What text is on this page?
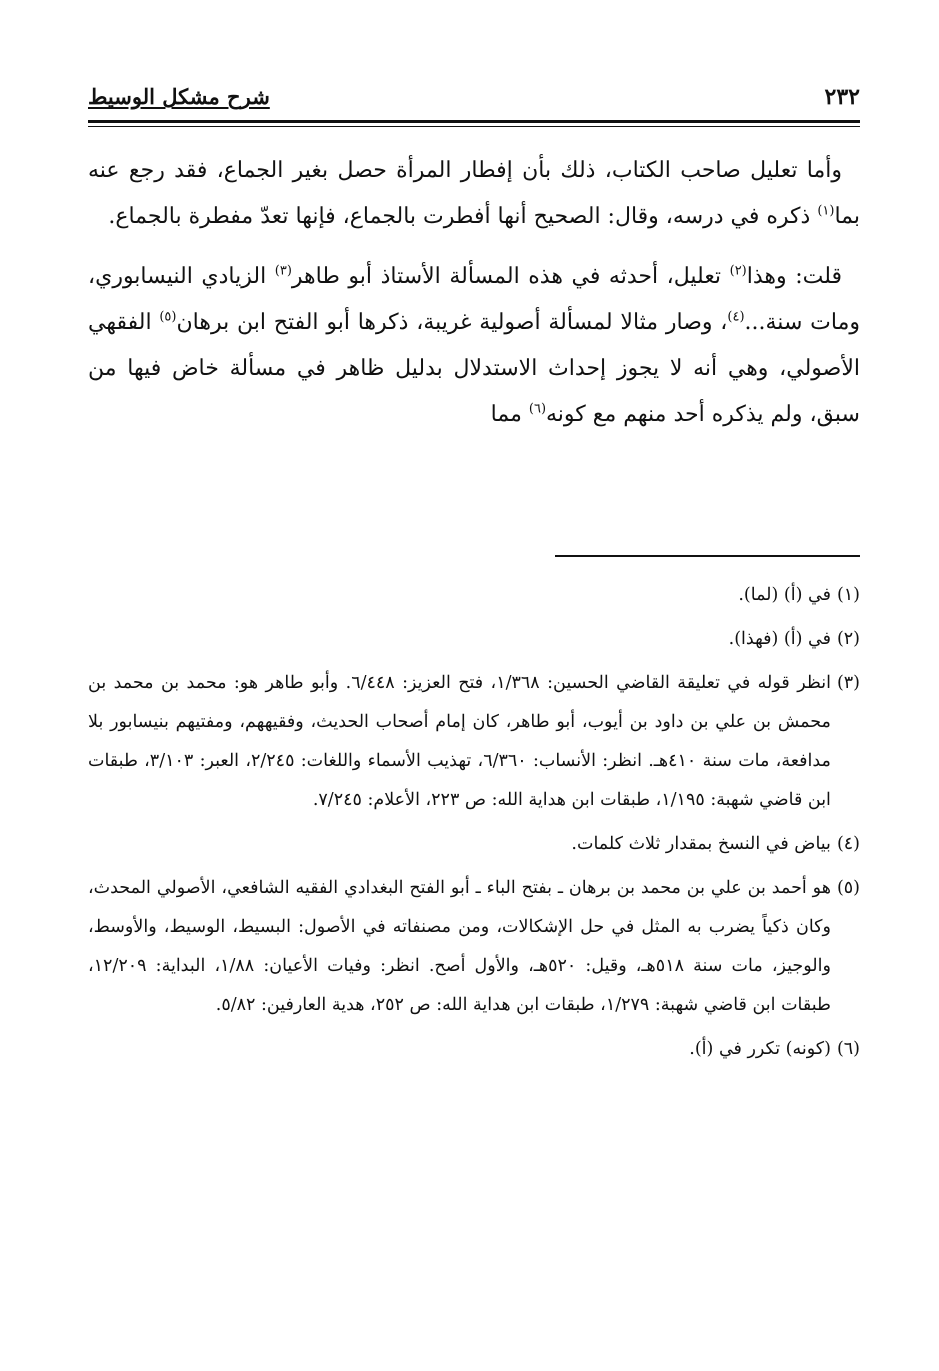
٢٣٢
شرح مشكل الوسيط

وأما تعليل صاحب الكتاب، ذلك بأن إفطار المرأة حصل بغير الجماع، فقد رجع عنه بما$^{(١)}$ ذكره في درسه، وقال: الصحيح أنها أفطرت بالجماع، فإنها تعدّ مفطرة بالجماع.

قلت: وهذا$^{(٢)}$ تعليل، أحدثه في هذه المسألة الأستاذ أبو طاهر$^{(٣)}$ الزيادي النيسابوري، ومات سنة...$^{(٤)}$، وصار مثالا لمسألة أصولية غريبة، ذكرها أبو الفتح ابن برهان$^{(٥)}$ الفقهي الأصولي، وهي أنه لا يجوز إحداث الاستدلال بدليل ظاهر في مسألة خاض فيها من سبق، ولم يذكره أحد منهم مع كونه$^{(٦)}$ مما

(١)
في (أ) (لما).
(٢)
في (أ) (فهذا).
(٣)
انظر قوله في تعليقة القاضي الحسين: ١/٣٦٨، فتح العزيز: ٦/٤٤٨. وأبو طاهر هو: محمد بن محمد بن محمش بن علي بن داود بن أيوب، أبو طاهر، كان إمام أصحاب الحديث، وفقيههم، ومفتيهم بنيسابور بلا مدافعة، مات سنة ٤١٠هـ. انظر: الأنساب: ٦/٣٦٠، تهذيب الأسماء واللغات: ٢/٢٤٥، العبر: ٣/١٠٣، طبقات ابن قاضي شهبة: ١/١٩٥، طبقات ابن هداية الله: ص ٢٢٣، الأعلام: ٧/٢٤٥.
(٤)
بياض في النسخ بمقدار ثلاث كلمات.
(٥)
هو أحمد بن علي بن محمد بن برهان ـ بفتح الباء ـ أبو الفتح البغدادي الفقيه الشافعي، الأصولي المحدث، وكان ذكياً يضرب به المثل في حل الإشكالات، ومن مصنفاته في الأصول: البسيط، الوسيط، والأوسط، والوجيز، مات سنة ٥١٨هـ، وقيل: ٥٢٠هـ، والأول أصح. انظر: وفيات الأعيان: ١/٨٨، البداية: ١٢/٢٠٩، طبقات ابن قاضي شهبة: ١/٢٧٩، طبقات ابن هداية الله: ص ٢٥٢، هدية العارفين: ٥/٨٢.
(٦)
(كونه) تكرر في (أ).
